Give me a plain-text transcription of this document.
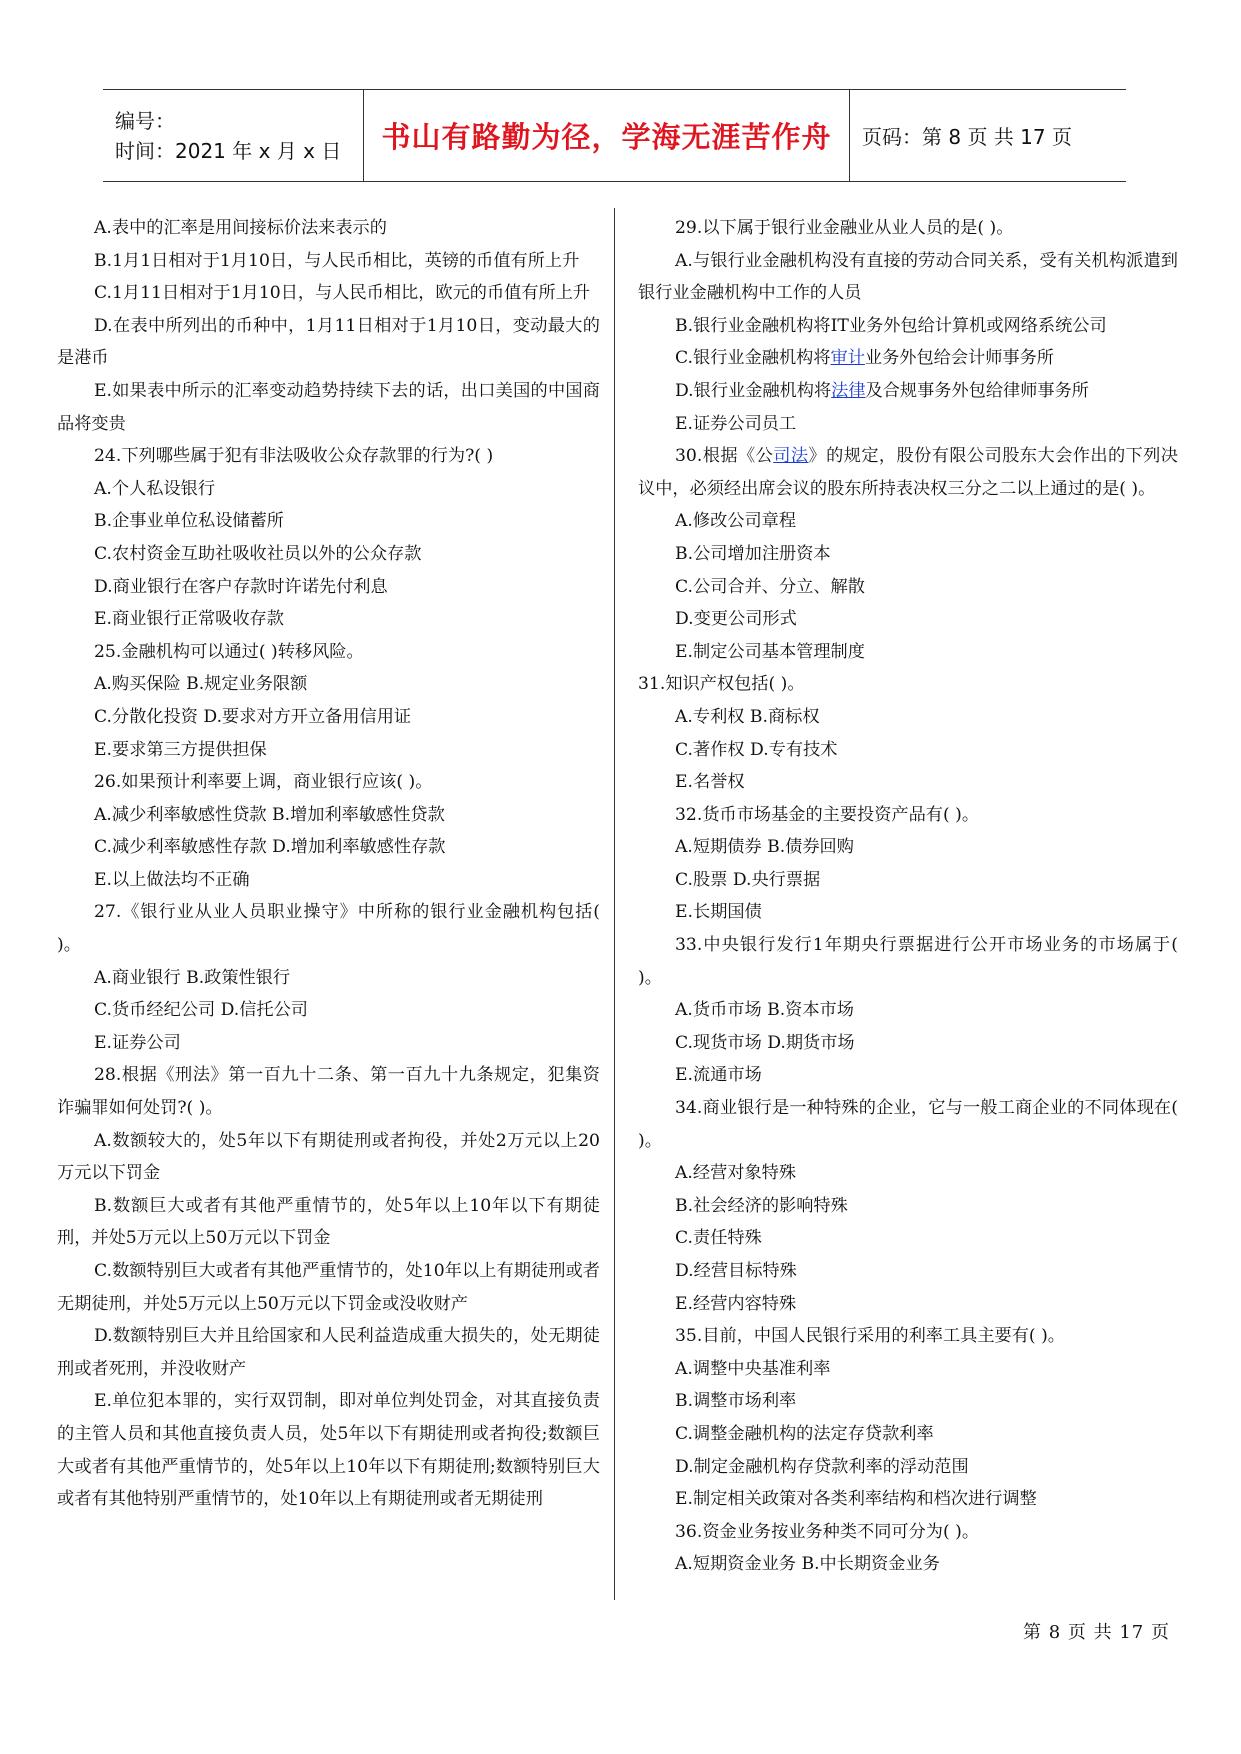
编号：
时间：2021 年 x 月 x 日	书山有路勤为径，学海无涯苦作舟 页码：第 8 页 共 17 页

A.表中的汇率是用间接标价法来表示的

B.1月1日相对于1月10日，与人民币相比，英镑的币值有所上升

C.1月11日相对于1月10日，与人民币相比，欧元的币值有所上升

D.在表中所列出的币种中，1月11日相对于1月10日，变动最大的是港币

E.如果表中所示的汇率变动趋势持续下去的话，出口美国的中国商品将变贵

24.下列哪些属于犯有非法吸收公众存款罪的行为?( )

A.个人私设银行

B.企事业单位私设储蓄所

C.农村资金互助社吸收社员以外的公众存款

D.商业银行在客户存款时许诺先付利息

E.商业银行正常吸收存款

25.金融机构可以通过( )转移风险。

A.购买保险 B.规定业务限额

C.分散化投资 D.要求对方开立备用信用证

E.要求第三方提供担保

26.如果预计利率要上调，商业银行应该( )。

A.减少利率敏感性贷款 B.增加利率敏感性贷款

C.减少利率敏感性存款 D.增加利率敏感性存款

E.以上做法均不正确

27.《银行业从业人员职业操守》中所称的银行业金融机构包括( )。

A.商业银行 B.政策性银行

C.货币经纪公司 D.信托公司

E.证券公司

28.根据《刑法》第一百九十二条、第一百九十九条规定，犯集资诈骗罪如何处罚?( )。

A.数额较大的，处5年以下有期徒刑或者拘役，并处2万元以上20万元以下罚金

B.数额巨大或者有其他严重情节的，处5年以上10年以下有期徒刑，并处5万元以上50万元以下罚金

C.数额特别巨大或者有其他严重情节的，处10年以上有期徒刑或者无期徒刑，并处5万元以上50万元以下罚金或没收财产

D.数额特别巨大并且给国家和人民利益造成重大损失的，处无期徒刑或者死刑，并没收财产

E.单位犯本罪的，实行双罚制，即对单位判处罚金，对其直接负责的主管人员和其他直接负责人员，处5年以下有期徒刑或者拘役;数额巨大或者有其他严重情节的，处5年以上10年以下有期徒刑;数额特别巨大或者有其他特别严重情节的，处10年以上有期徒刑或者无期徒刑

29.以下属于银行业金融业从业人员的是( )。

A.与银行业金融机构没有直接的劳动合同关系，受有关机构派遣到银行业金融机构中工作的人员

B.银行业金融机构将IT业务外包给计算机或网络系统公司

C.银行业金融机构将审计业务外包给会计师事务所

D.银行业金融机构将法律及合规事务外包给律师事务所

E.证券公司员工

30.根据《公司法》的规定，股份有限公司股东大会作出的下列决议中，必须经出席会议的股东所持表决权三分之二以上通过的是( )。

A.修改公司章程

B.公司增加注册资本

C.公司合并、分立、解散

D.变更公司形式

E.制定公司基本管理制度

31.知识产权包括( )。

A.专利权 B.商标权

C.著作权 D.专有技术

E.名誉权

32.货币市场基金的主要投资产品有( )。

A.短期债券 B.债券回购

C.股票 D.央行票据

E.长期国债

33.中央银行发行1年期央行票据进行公开市场业务的市场属于( )。

A.货币市场 B.资本市场

C.现货市场 D.期货市场

E.流通市场

34.商业银行是一种特殊的企业，它与一般工商企业的不同体现在( )。

A.经营对象特殊

B.社会经济的影响特殊

C.责任特殊

D.经营目标特殊

E.经营内容特殊

35.目前，中国人民银行采用的利率工具主要有( )。

A.调整中央基准利率

B.调整市场利率

C.调整金融机构的法定存贷款利率

D.制定金融机构存贷款利率的浮动范围

E.制定相关政策对各类利率结构和档次进行调整

36.资金业务按业务种类不同可分为( )。

A.短期资金业务 B.中长期资金业务

第 8 页 共 17 页
